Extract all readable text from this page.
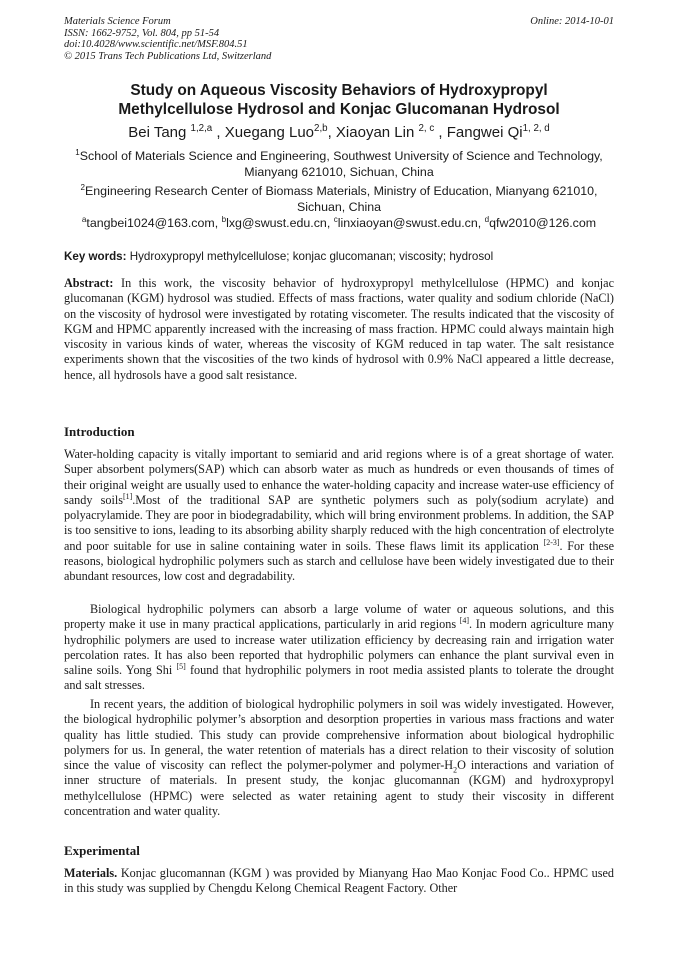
Materials Science Forum
ISSN: 1662-9752, Vol. 804, pp 51-54
doi:10.4028/www.scientific.net/MSF.804.51
© 2015 Trans Tech Publications Ltd, Switzerland
Online: 2014-10-01
Study on Aqueous Viscosity Behaviors of Hydroxypropyl
Methylcellulose Hydrosol and Konjac Glucomanan Hydrosol
Bei Tang $^{1,2,a}$ , Xuegang Luo$^{2,b}$, Xiaoyan Lin $^{2, c}$ , Fangwei Qi$^{1, 2, d}$
$^1$School of Materials Science and Engineering, Southwest University of Science and Technology, Mianyang 621010, Sichuan, China
$^2$Engineering Research Center of Biomass Materials, Ministry of Education, Mianyang 621010, Sichuan, China
$^a$tangbei1024@163.com, $^b$lxg@swust.edu.cn, $^c$linxiaoyan@swust.edu.cn, $^d$qfw2010@126.com
Key words: Hydroxypropyl methylcellulose; konjac glucomanan; viscosity; hydrosol
Abstract: In this work, the viscosity behavior of hydroxypropyl methylcellulose (HPMC) and konjac glucomanan (KGM) hydrosol was studied. Effects of mass fractions, water quality and sodium chloride (NaCl) on the viscosity of hydrosol were investigated by rotating viscometer. The results indicated that the viscosity of KGM and HPMC apparently increased with the increasing of mass fraction. HPMC could always maintain high viscosity in various kinds of water, whereas the viscosity of KGM reduced in tap water. The salt resistance experiments shown that the viscosities of the two kinds of hydrosol with 0.9% NaCl appeared a little decrease, hence, all hydrosols have a good salt resistance.
Introduction
Water-holding capacity is vitally important to semiarid and arid regions where is of a great shortage of water. Super absorbent polymers(SAP) which can absorb water as much as hundreds or even thousands of times of their original weight are usually used to enhance the water-holding capacity and increase water-use efficiency of sandy soils[1].Most of the traditional SAP are synthetic polymers such as poly(sodium acrylate) and polyacrylamide. They are poor in biodegradability, which will bring environment problems. In addition, the SAP is too sensitive to ions, leading to its absorbing ability sharply reduced with the high concentration of electrolyte and poor suitable for use in saline containing water in soils. These flaws limit its application [2-3]. For these reasons, biological hydrophilic polymers such as starch and cellulose have been widely investigated due to their abundant resources, low cost and degradability.
Biological hydrophilic polymers can absorb a large volume of water or aqueous solutions, and this property make it use in many practical applications, particularly in arid regions [4]. In modern agriculture many hydrophilic polymers are used to increase water utilization efficiency by decreasing rain and irrigation water percolation rates. It has also been reported that hydrophilic polymers can enhance the plant survival even in saline soils. Yong Shi [5] found that hydrophilic polymers in root media assisted plants to tolerate the drought and salt stresses.
In recent years, the addition of biological hydrophilic polymers in soil was widely investigated. However, the biological hydrophilic polymer’s absorption and desorption properties in various mass fractions and water quality has little studied. This study can provide comprehensive information about biological hydrophilic polymers for us. In general, the water retention of materials has a direct relation to their viscosity of solution since the value of viscosity can reflect the polymer-polymer and polymer-$H_2O$ interactions and variation of inner structure of materials. In present study, the konjac glucomannan (KGM) and hydroxypropyl methylcellulose (HPMC) were selected as water retaining agent to study their viscosity in different concentration and water quality.
Experimental
Materials. Konjac glucomannan (KGM ) was provided by Mianyang Hao Mao Konjac Food Co.. HPMC used in this study was supplied by Chengdu Kelong Chemical Reagent Factory. Other
